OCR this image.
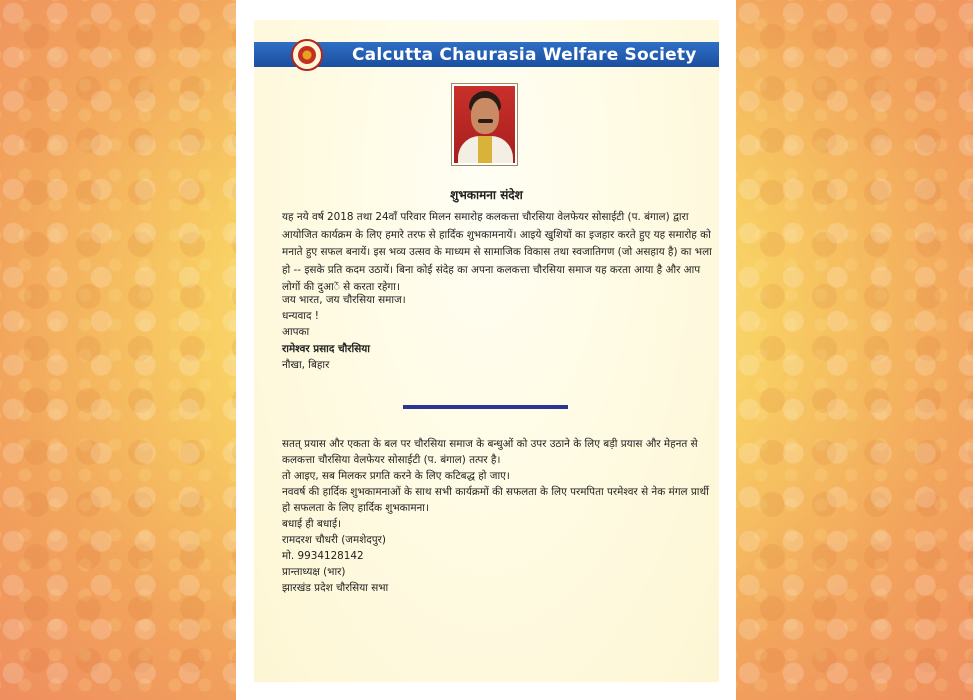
Calcutta Chaurasia Welfare Society
शुभकामना संदेश
यह नये वर्ष 2018 तथा 24वाँ परिवार मिलन समारोह कलकत्ता चौरसिया वेलफेयर सोसाईटी (प. बंगाल) द्वारा आयोजित कार्यक्रम के लिए हमारे तरफ से हार्दिक शुभकामनायें। आइये खुशियों का इजहार करते हुए यह समारोह को मनाते हुए सफल बनायें। इस भव्य उत्सव के माध्यम से सामाजिक विकास तथा स्वजातिगण (जो असहाय है) का भला हो -- इसके प्रति कदम उठायें। बिना कोई संदेह का अपना कलकत्ता चौरसिया समाज यह करता आया है और आप लोगों की दुआें से करता रहेगा।
जय भारत, जय चौरसिया समाज।
धन्यवाद !
आपका
रामेश्वर प्रसाद चौरसिया
नौखा, बिहार
सतत् प्रयास और एकता के बल पर चौरसिया समाज के बन्धुओं को उपर उठाने के लिए बड़ी प्रयास और मेहनत से कलकत्ता चौरसिया वेलफेयर सोसाईटी (प. बंगाल) तत्पर है।
तो आइए, सब मिलकर प्रगति करने के लिए कटिबद्ध हो जाए।
नववर्ष की हार्दिक शुभकामनाओं के साथ सभी कार्यक्रमों की सफलता के लिए परमपिता परमेश्वर से नेक मंगल प्रार्थी हो सफलता के लिए हार्दिक शुभकामना।
बधाई ही बधाई।
रामदरश चौधरी (जमशेदपुर)
मो. 9934128142
प्रान्ताध्यक्ष (भार)
झारखंड प्रदेश चौरसिया सभा
